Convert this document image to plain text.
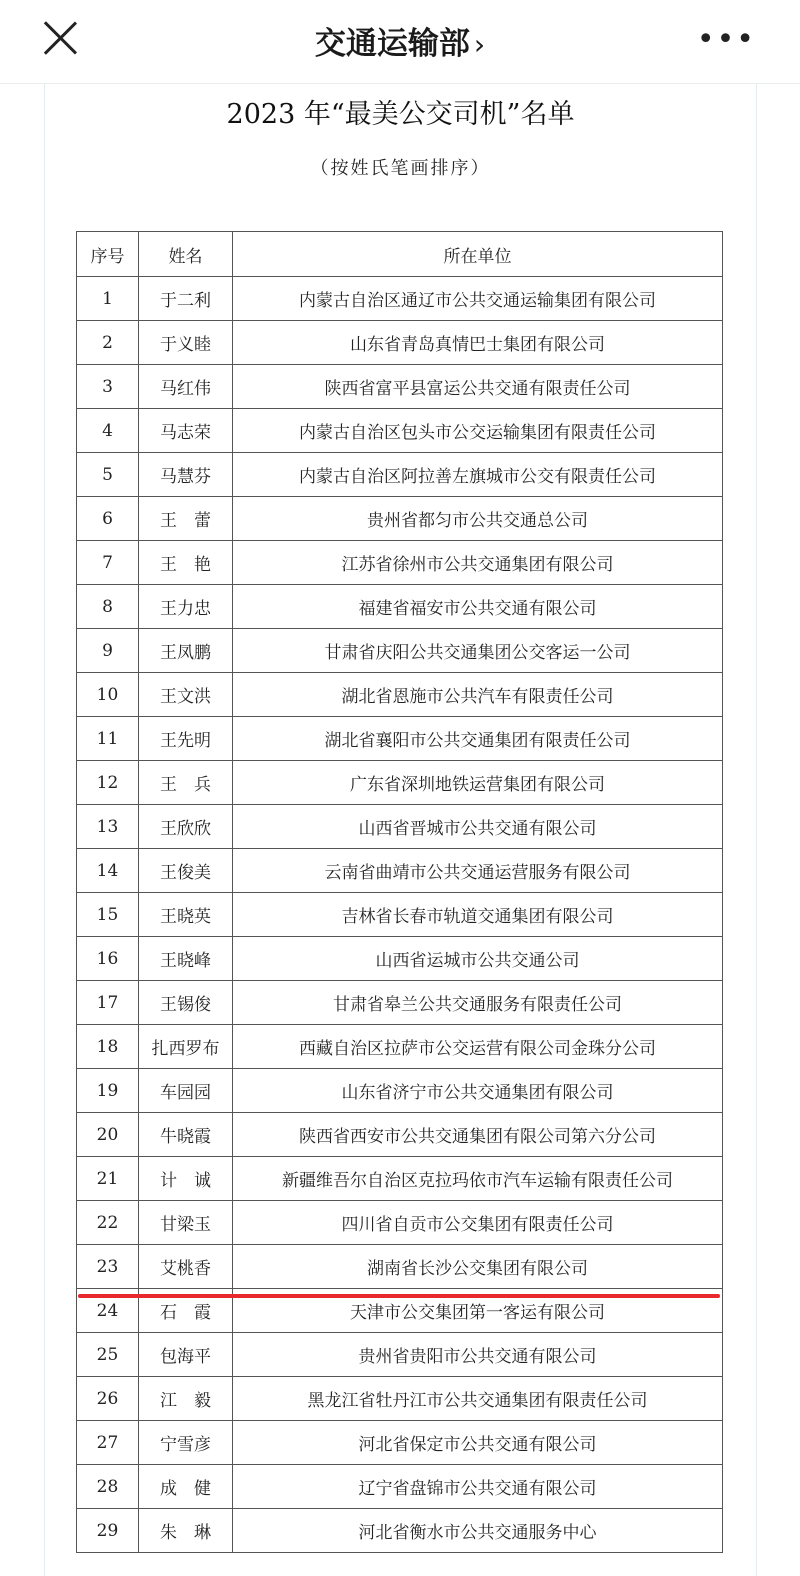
交通运输部 ›	•••
2023 年“最美公交司机”名单
（按姓氏笔画排序）
序号	姓名	所在单位
1	于二利	内蒙古自治区通辽市公共交通运输集团有限公司
2	于义睦	山东省青岛真情巴士集团有限公司
3	马红伟	陕西省富平县富运公共交通有限责任公司
4	马志荣	内蒙古自治区包头市公交运输集团有限责任公司
5	马慧芬	内蒙古自治区阿拉善左旗城市公交有限责任公司
6	王　蕾	贵州省都匀市公共交通总公司
7	王　艳	江苏省徐州市公共交通集团有限公司
8	王力忠	福建省福安市公共交通有限公司
9	王凤鹏	甘肃省庆阳公共交通集团公交客运一公司
10	王文洪	湖北省恩施市公共汽车有限责任公司
11	王先明	湖北省襄阳市公共交通集团有限责任公司
12	王　兵	广东省深圳地铁运营集团有限公司
13	王欣欣	山西省晋城市公共交通有限公司
14	王俊美	云南省曲靖市公共交通运营服务有限公司
15	王晓英	吉林省长春市轨道交通集团有限公司
16	王晓峰	山西省运城市公共交通公司
17	王锡俊	甘肃省皋兰公共交通服务有限责任公司
18	扎西罗布	西藏自治区拉萨市公交运营有限公司金珠分公司
19	车园园	山东省济宁市公共交通集团有限公司
20	牛晓霞	陕西省西安市公共交通集团有限公司第六分公司
21	计　诚	新疆维吾尔自治区克拉玛依市汽车运输有限责任公司
22	甘梁玉	四川省自贡市公交集团有限责任公司
23	艾桃香	湖南省长沙公交集团有限公司
24	石　霞	天津市公交集团第一客运有限公司
25	包海平	贵州省贵阳市公共交通有限公司
26	江　毅	黑龙江省牡丹江市公共交通集团有限责任公司
27	宁雪彦	河北省保定市公共交通有限公司
28	成　健	辽宁省盘锦市公共交通有限公司
29	朱　琳	河北省衡水市公共交通服务中心
